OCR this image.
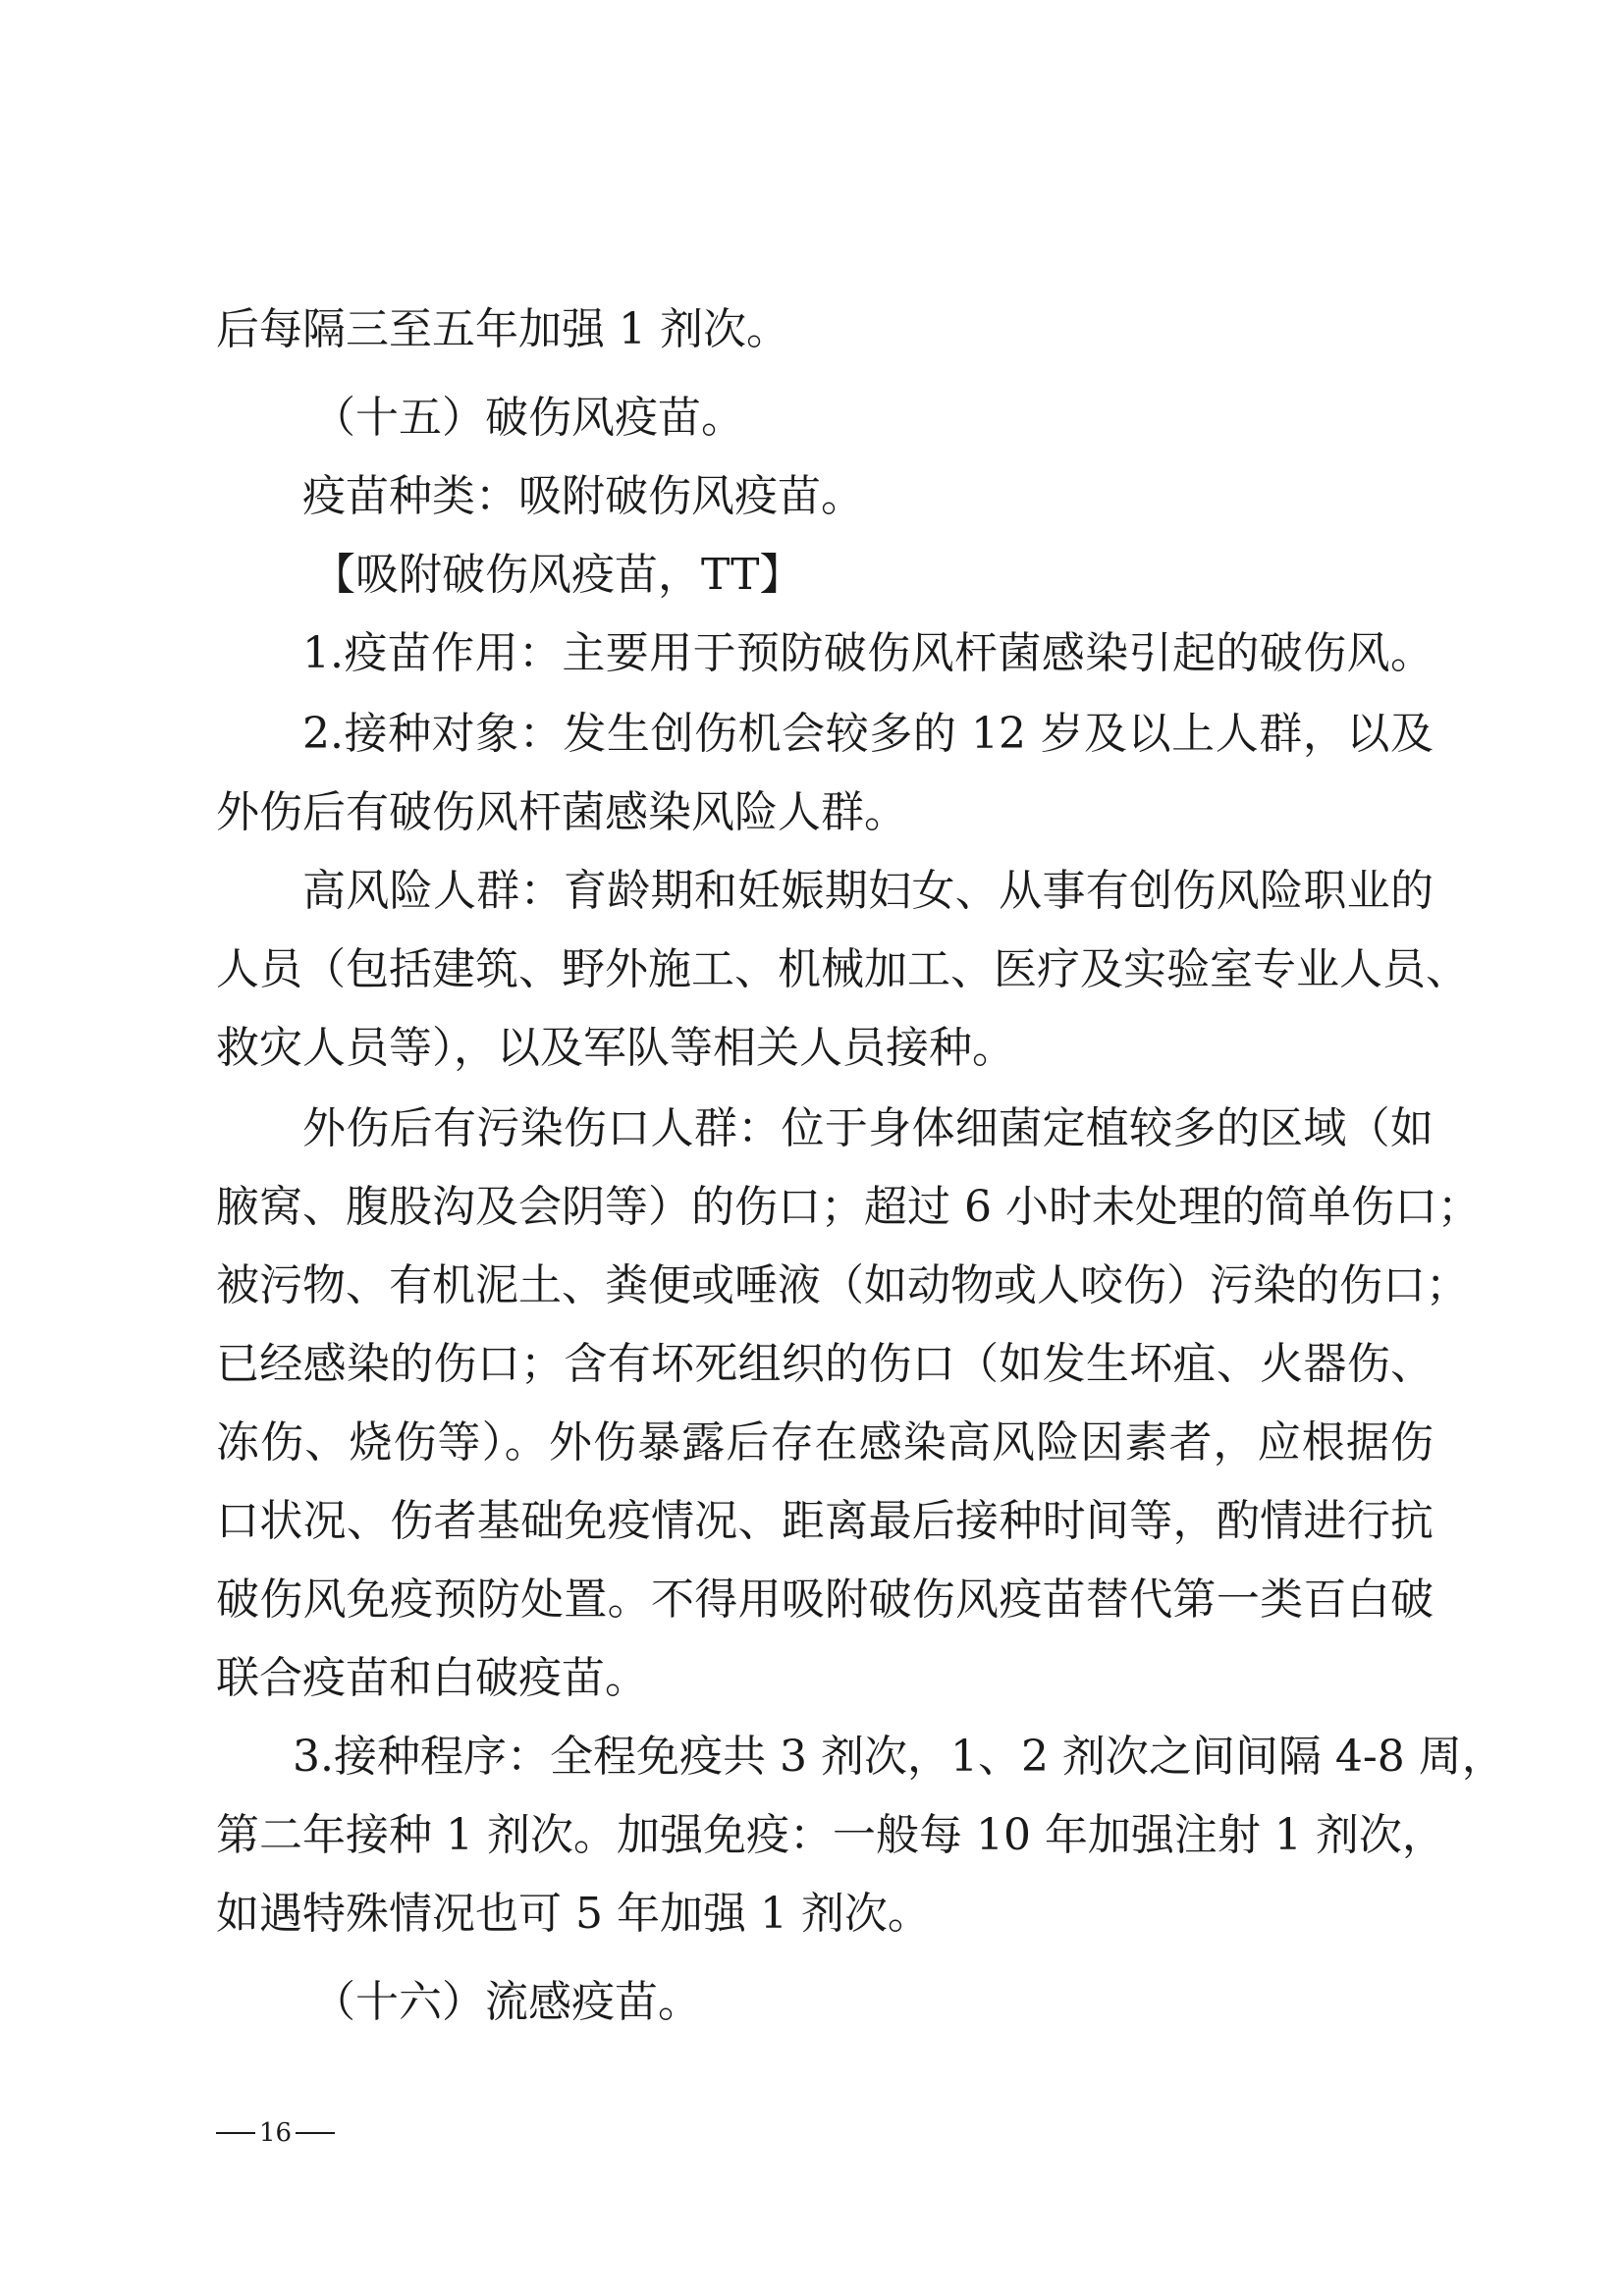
后每隔三至五年加强 1 剂次。
（十五）破伤风疫苗。
疫苗种类：吸附破伤风疫苗。
【吸附破伤风疫苗，TT】
1.疫苗作用：主要用于预防破伤风杆菌感染引起的破伤风。
2.接种对象：发生创伤机会较多的 12 岁及以上人群，以及
外伤后有破伤风杆菌感染风险人群。
高风险人群：育龄期和妊娠期妇女、从事有创伤风险职业的
人员（包括建筑、野外施工、机械加工、医疗及实验室专业人员、
救灾人员等），以及军队等相关人员接种。
外伤后有污染伤口人群：位于身体细菌定植较多的区域（如
腋窝、腹股沟及会阴等）的伤口；超过 6 小时未处理的简单伤口；
被污物、有机泥土、粪便或唾液（如动物或人咬伤）污染的伤口；
已经感染的伤口；含有坏死组织的伤口（如发生坏疽、火器伤、
冻伤、烧伤等）。外伤暴露后存在感染高风险因素者，应根据伤
口状况、伤者基础免疫情况、距离最后接种时间等，酌情进行抗
破伤风免疫预防处置。不得用吸附破伤风疫苗替代第一类百白破
联合疫苗和白破疫苗。
3.接种程序：全程免疫共 3 剂次，1、2 剂次之间间隔 4-8 周，
第二年接种 1 剂次。加强免疫：一般每 10 年加强注射 1 剂次，
如遇特殊情况也可 5 年加强 1 剂次。
（十六）流感疫苗。
16
